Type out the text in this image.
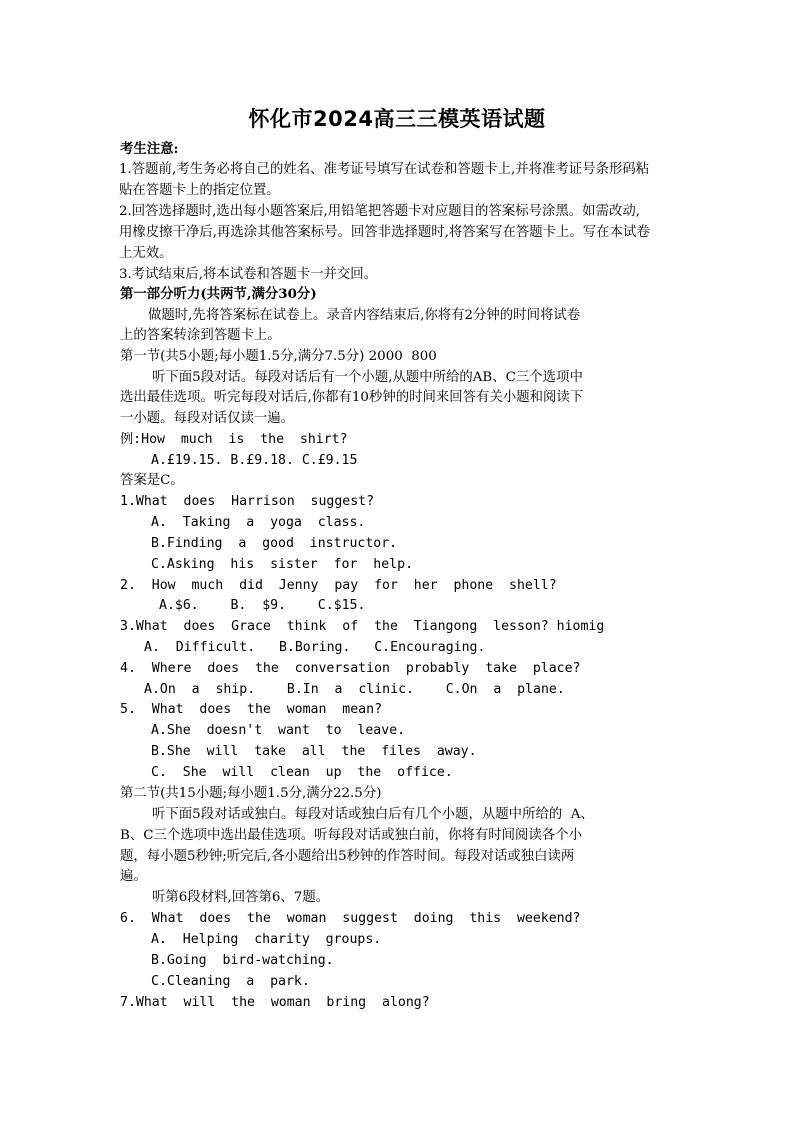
怀化市2024高三三模英语试题
考生注意:
1.答题前,考生务必将自己的姓名、准考证号填写在试卷和答题卡上,并将准考证号条形码粘
贴在答题卡上的指定位置。
2.回答选择题时,选出每小题答案后,用铅笔把答题卡对应题目的答案标号涂黑。如需改动,
用橡皮擦干净后,再选涂其他答案标号。回答非选择题时,将答案写在答题卡上。写在本试卷
上无效。
3.考试结束后,将本试卷和答题卡一并交回。
第一部分听力(共两节,满分30分)
做题时,先将答案标在试卷上。录音内容结束后,你将有2分钟的时间将试卷
上的答案转涂到答题卡上。
第一节(共5小题;每小题1.5分,满分7.5分) 2000  800
听下面5段对话。每段对话后有一个小题,从题中所给的AB、C三个选项中
选出最佳选项。听完每段对话后,你都有10秒钟的时间来回答有关小题和阅读下
一小题。每段对话仅读一遍。
例:How  much  is  the  shirt?
A.£19.15. B.£9.18. C.£9.15
答案是C。
1.What  does  Harrison  suggest?
A.  Taking  a  yoga  class.
B.Finding  a  good  instructor.
C.Asking  his  sister  for  help.
2.  How  much  did  Jenny  pay  for  her  phone  shell?
A.$6.    B.  $9.    C.$15.
3.What  does  Grace  think  of  the  Tiangong  lesson? hiomig
A.  Difficult.   B.Boring.   C.Encouraging.
4.  Where  does  the  conversation  probably  take  place?
A.On  a  ship.    B.In  a  clinic.    C.On  a  plane.
5.  What  does  the  woman  mean?
A.She  doesn't  want  to  leave.
B.She  will  take  all  the  files  away.
C.  She  will  clean  up  the  office.
第二节(共15小题;每小题1.5分,满分22.5分)
听下面5段对话或独白。每段对话或独白后有几个小题，从题中所给的  A、
B、C三个选项中选出最佳选项。听每段对话或独白前，你将有时间阅读各个小
题，每小题5秒钟;听完后,各小题给出5秒钟的作答时间。每段对话或独白读两
遍。
听第6段材料,回答第6、7题。
6.  What  does  the  woman  suggest  doing  this  weekend?
A.  Helping  charity  groups.
B.Going  bird-watching.
C.Cleaning  a  park.
7.What  will  the  woman  bring  along?
